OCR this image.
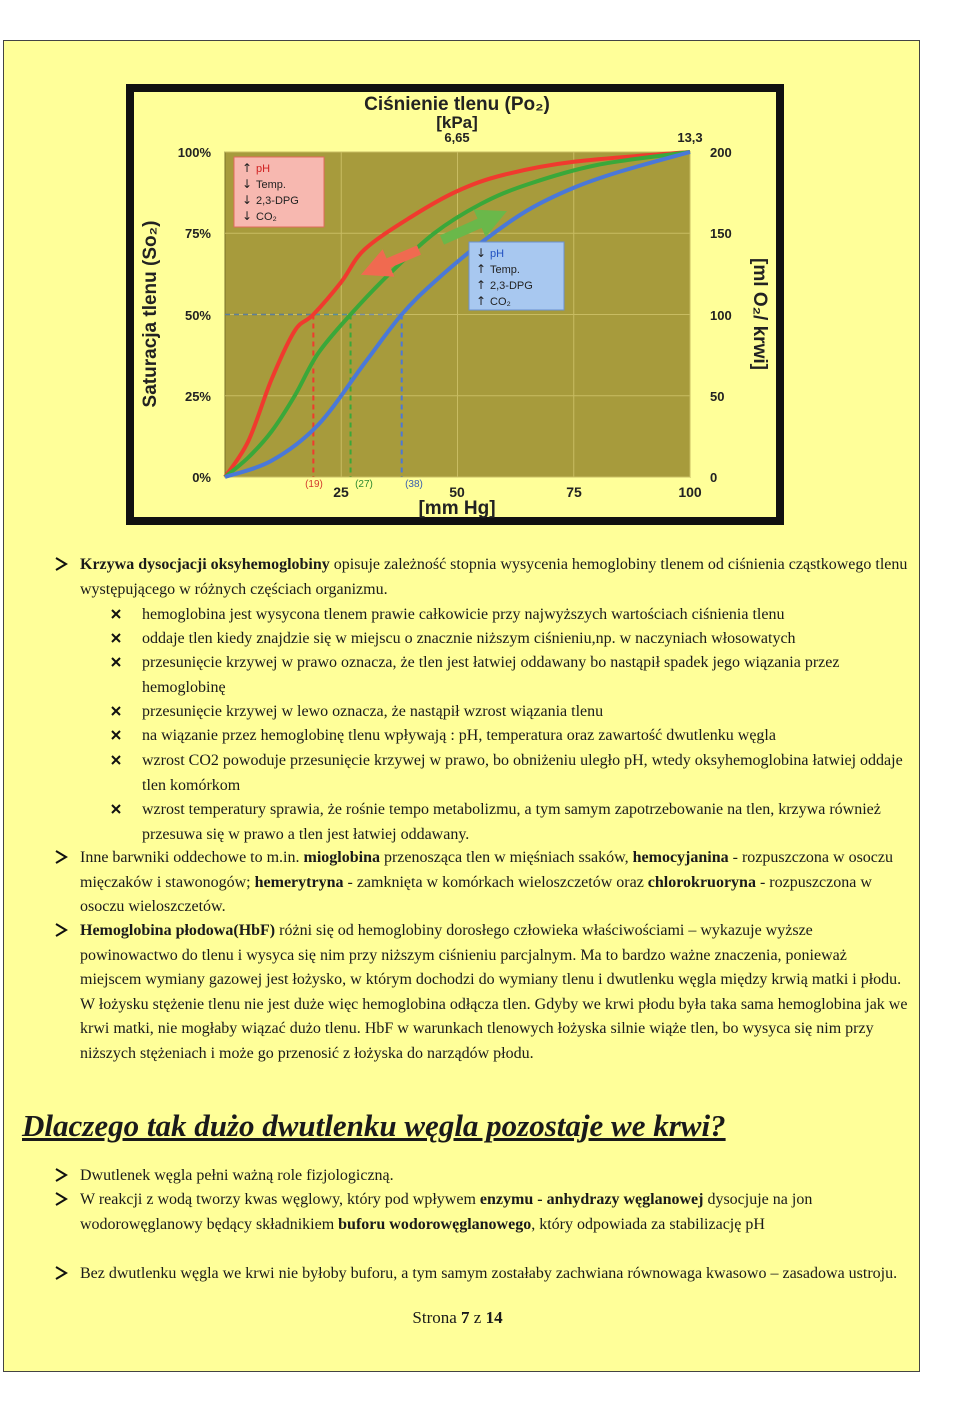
Ciśnienie tlenu (Po₂)
[kPa]
6,65	13,3
Saturacja tlenu (So₂)	[ml O₂/ krwi]
100%
75%
50%
25%
0%
200
150
100
50
0
25	50	75	100
(19)	(27)	(38)
[mm Hg]
↑
↓
↓
↓
pH
Temp.
2,3-DPG
CO₂
↓
↑
↑
↑
pH
Temp.
2,3-DPG
CO₂
Krzywa dysocjacji oksyhemoglobiny opisuje zależność stopnia wysycenia hemoglobiny tlenem od ciśnienia cząstkowego tlenu występującego w różnych częściach organizmu.
hemoglobina jest wysycona tlenem prawie całkowicie przy najwyższych wartościach ciśnienia tlenu
oddaje tlen kiedy znajdzie się w miejscu o znacznie niższym ciśnieniu,np. w naczyniach włosowatych
przesunięcie krzywej w prawo oznacza, że tlen jest łatwiej oddawany bo nastąpił spadek jego wiązania przez hemoglobinę
przesunięcie krzywej w lewo oznacza, że nastąpił wzrost wiązania tlenu
na wiązanie przez hemoglobinę tlenu wpływają : pH, temperatura oraz zawartość dwutlenku węgla
wzrost CO2 powoduje przesunięcie krzywej w prawo, bo obniżeniu uległo pH, wtedy oksyhemoglobina łatwiej oddaje tlen komórkom
wzrost temperatury sprawia, że rośnie tempo metabolizmu, a tym samym zapotrzebowanie na tlen, krzywa również przesuwa się w prawo a tlen jest łatwiej oddawany.
Inne barwniki oddechowe to m.in. mioglobina przenosząca tlen w mięśniach ssaków, hemocyjanina - rozpuszczona w osoczu mięczaków i stawonogów; hemerytryna - zamknięta w komórkach wieloszczetów oraz chlorokruoryna - rozpuszczona w osoczu wieloszczetów.
Hemoglobina płodowa(HbF) różni się od hemoglobiny dorosłego człowieka właściwościami – wykazuje wyższe powinowactwo do tlenu i wysyca się nim przy niższym ciśnieniu parcjalnym. Ma to bardzo ważne znaczenia, ponieważ miejscem wymiany gazowej jest łożysko, w którym dochodzi do wymiany tlenu i dwutlenku węgla między krwią matki i płodu. W łożysku stężenie tlenu nie jest duże więc hemoglobina odłącza tlen. Gdyby we krwi płodu była taka sama hemoglobina jak we krwi matki, nie mogłaby wiązać dużo tlenu. HbF w warunkach tlenowych łożyska silnie wiąże tlen, bo wysyca się nim przy niższych stężeniach i może go przenosić z łożyska do narządów płodu.
Dlaczego tak dużo dwutlenku węgla pozostaje we krwi?
Dwutlenek węgla pełni ważną role fizjologiczną.
W reakcji z wodą tworzy kwas węglowy, który pod wpływem enzymu - anhydrazy węglanowej dysocjuje na jon wodorowęglanowy będący składnikiem buforu wodorowęglanowego, który odpowiada za stabilizację pH
Bez dwutlenku węgla we krwi nie byłoby buforu, a tym samym zostałaby zachwiana równowaga kwasowo – zasadowa ustroju.
Strona 7 z 14
